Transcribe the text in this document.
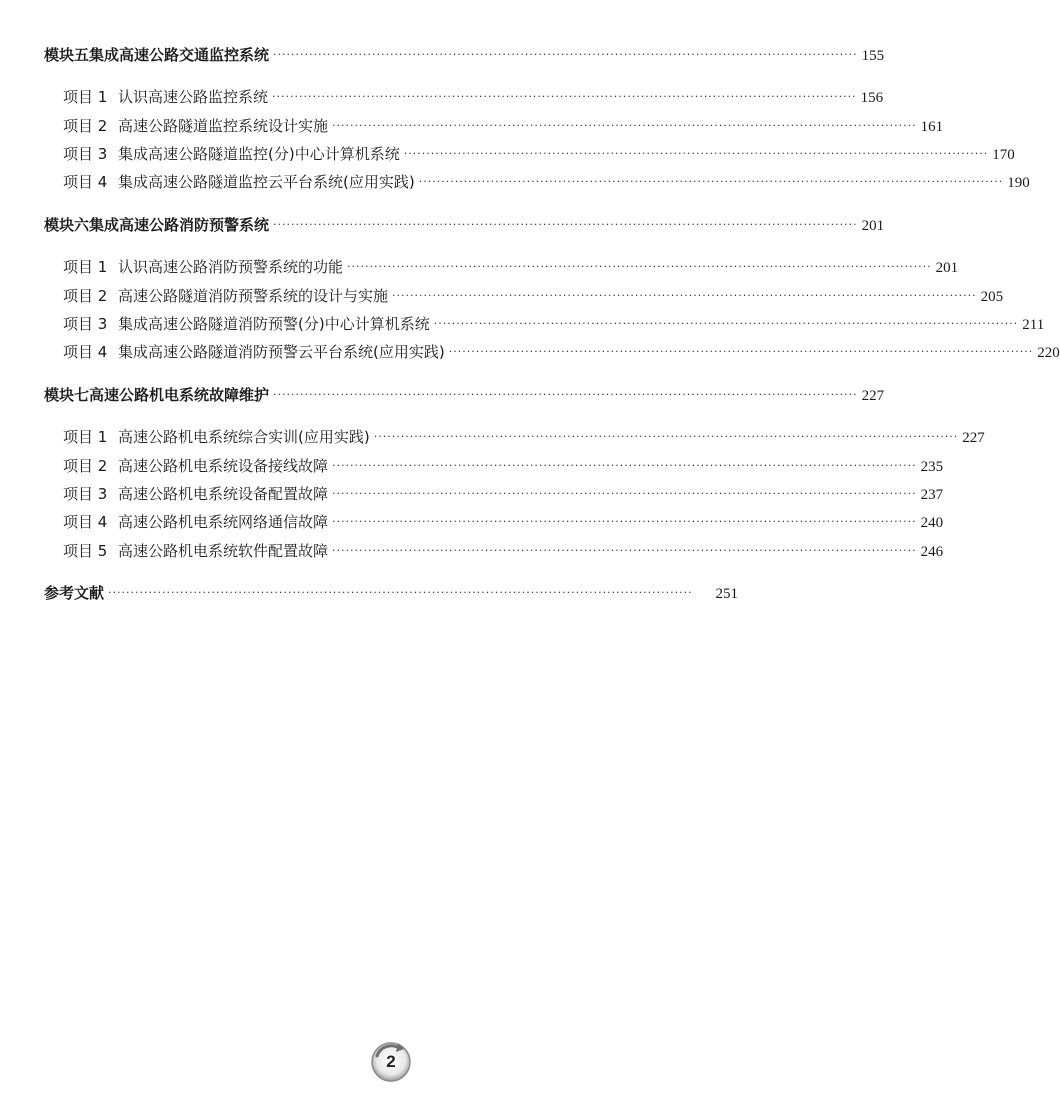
模块五 集成高速公路交通监控系统 ·································································································································· 155
项目 1 认识高速公路监控系统 ·································································································································· 156
项目 2 高速公路隧道监控系统设计实施 ·································································································································· 161
项目 3 集成高速公路隧道监控(分)中心计算机系统 ·································································································································· 170
项目 4 集成高速公路隧道监控云平台系统(应用实践) ·································································································································· 190
模块六 集成高速公路消防预警系统 ·································································································································· 201
项目 1 认识高速公路消防预警系统的功能 ·································································································································· 201
项目 2 高速公路隧道消防预警系统的设计与实施 ·································································································································· 205
项目 3 集成高速公路隧道消防预警(分)中心计算机系统 ·································································································································· 211
项目 4 集成高速公路隧道消防预警云平台系统(应用实践) ·································································································································· 220
模块七 高速公路机电系统故障维护 ·································································································································· 227
项目 1 高速公路机电系统综合实训(应用实践) ·································································································································· 227
项目 2 高速公路机电系统设备接线故障 ·································································································································· 235
项目 3 高速公路机电系统设备配置故障 ·································································································································· 237
项目 4 高速公路机电系统网络通信故障 ·································································································································· 240
项目 5 高速公路机电系统软件配置故障 ·································································································································· 246
参考文献 ··································································································································	251
2
